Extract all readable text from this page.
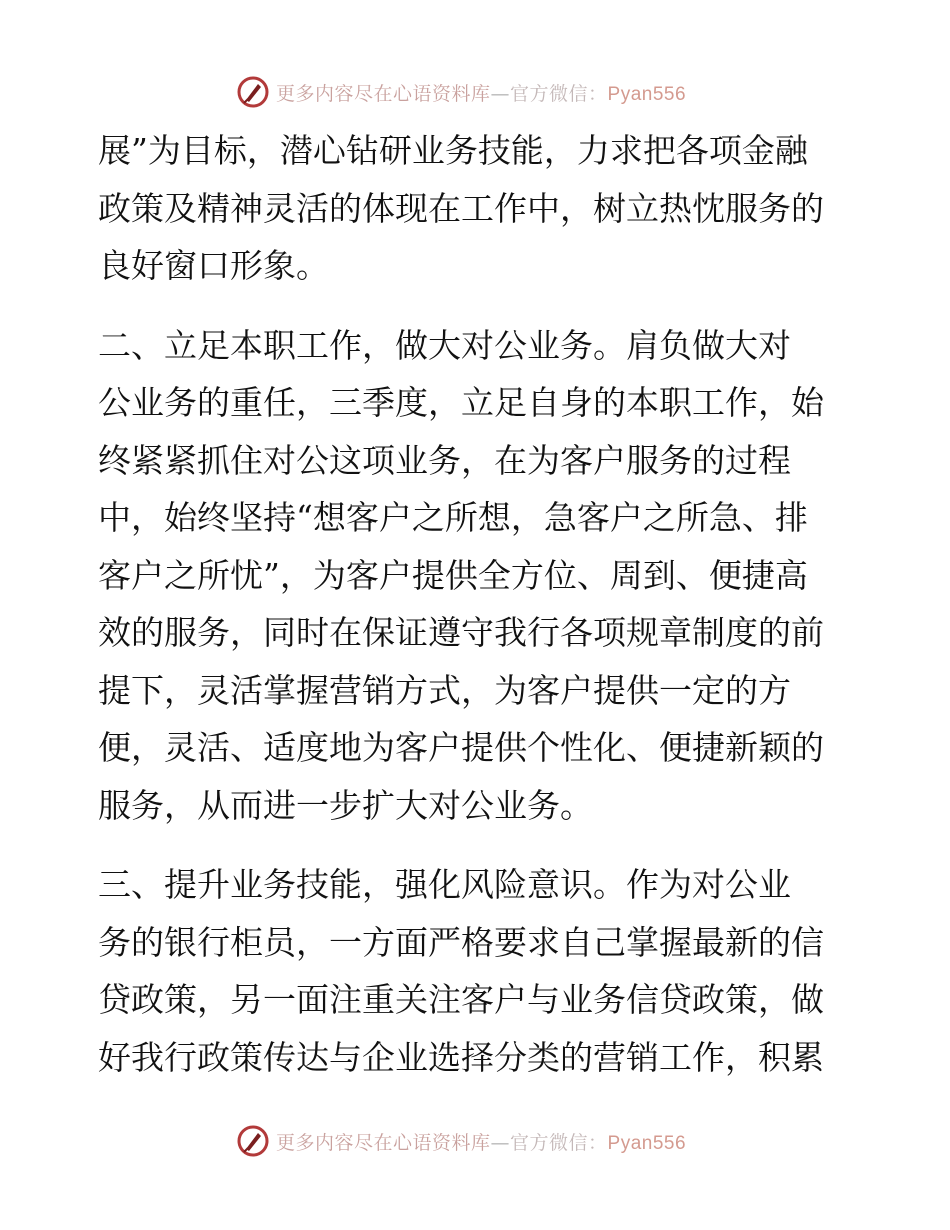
更多内容尽在心语资料库—官方微信：Pyan556
展”为目标，潜心钻研业务技能，力求把各项金融
政策及精神灵活的体现在工作中，树立热忱服务的
良好窗口形象。
二、立足本职工作，做大对公业务。肩负做大对
公业务的重任，三季度，立足自身的本职工作，始
终紧紧抓住对公这项业务，在为客户服务的过程
中，始终坚持“想客户之所想，急客户之所急、排
客户之所忧”，为客户提供全方位、周到、便捷高
效的服务，同时在保证遵守我行各项规章制度的前
提下，灵活掌握营销方式，为客户提供一定的方
便，灵活、适度地为客户提供个性化、便捷新颖的
服务，从而进一步扩大对公业务。
三、提升业务技能，强化风险意识。作为对公业
务的银行柜员，一方面严格要求自己掌握最新的信
贷政策，另一面注重关注客户与业务信贷政策，做
好我行政策传达与企业选择分类的营销工作，积累
更多内容尽在心语资料库—官方微信：Pyan556
